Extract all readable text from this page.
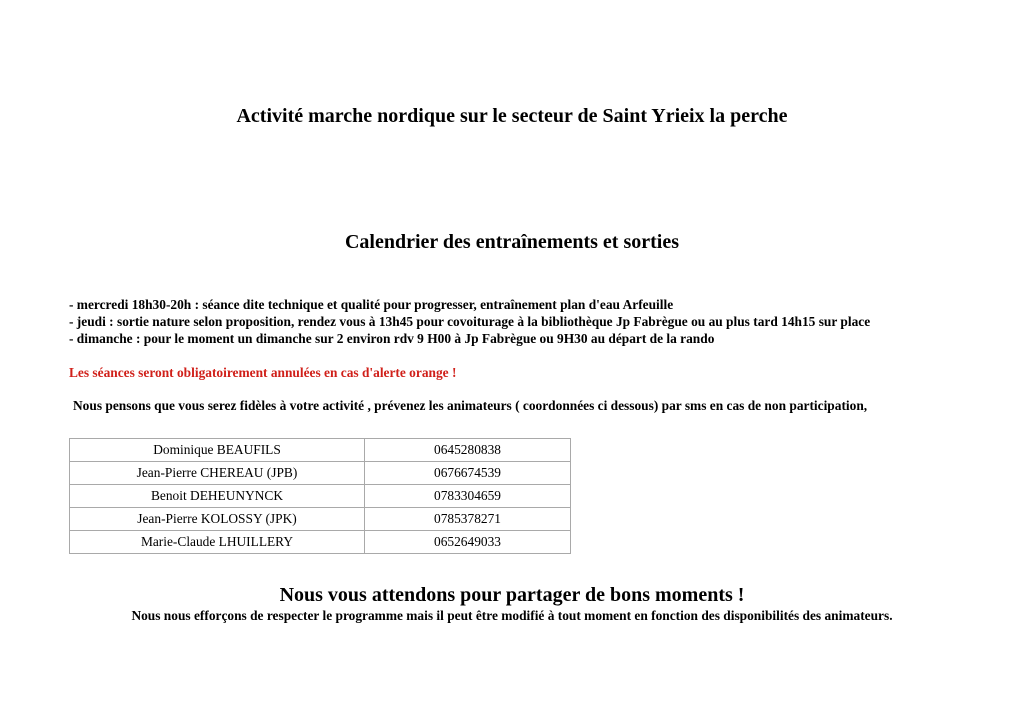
Activité marche nordique sur le secteur de Saint Yrieix la perche
Calendrier des entraînements et sorties
- mercredi 18h30-20h : séance dite technique et qualité pour progresser, entraînement plan d'eau Arfeuille
- jeudi : sortie nature selon proposition, rendez vous à 13h45 pour covoiturage à la bibliothèque Jp Fabrègue ou au plus tard 14h15 sur place
- dimanche : pour le moment un dimanche sur 2 environ rdv 9 H00 à Jp Fabrègue ou 9H30 au départ de la rando
Les séances seront obligatoirement annulées en cas d'alerte orange !
Nous pensons que vous serez fidèles à votre activité , prévenez les animateurs ( coordonnées ci dessous) par sms en cas de non participation,
Dominique BEAUFILS	0645280838
Jean-Pierre CHEREAU (JPB)	0676674539
Benoit DEHEUNYNCK	0783304659
Jean-Pierre KOLOSSY (JPK)	0785378271
Marie-Claude LHUILLERY	0652649033
Nous vous attendons pour partager de bons moments !
Nous nous efforçons de respecter le programme mais il peut être modifié à tout moment en fonction des disponibilités des animateurs.
